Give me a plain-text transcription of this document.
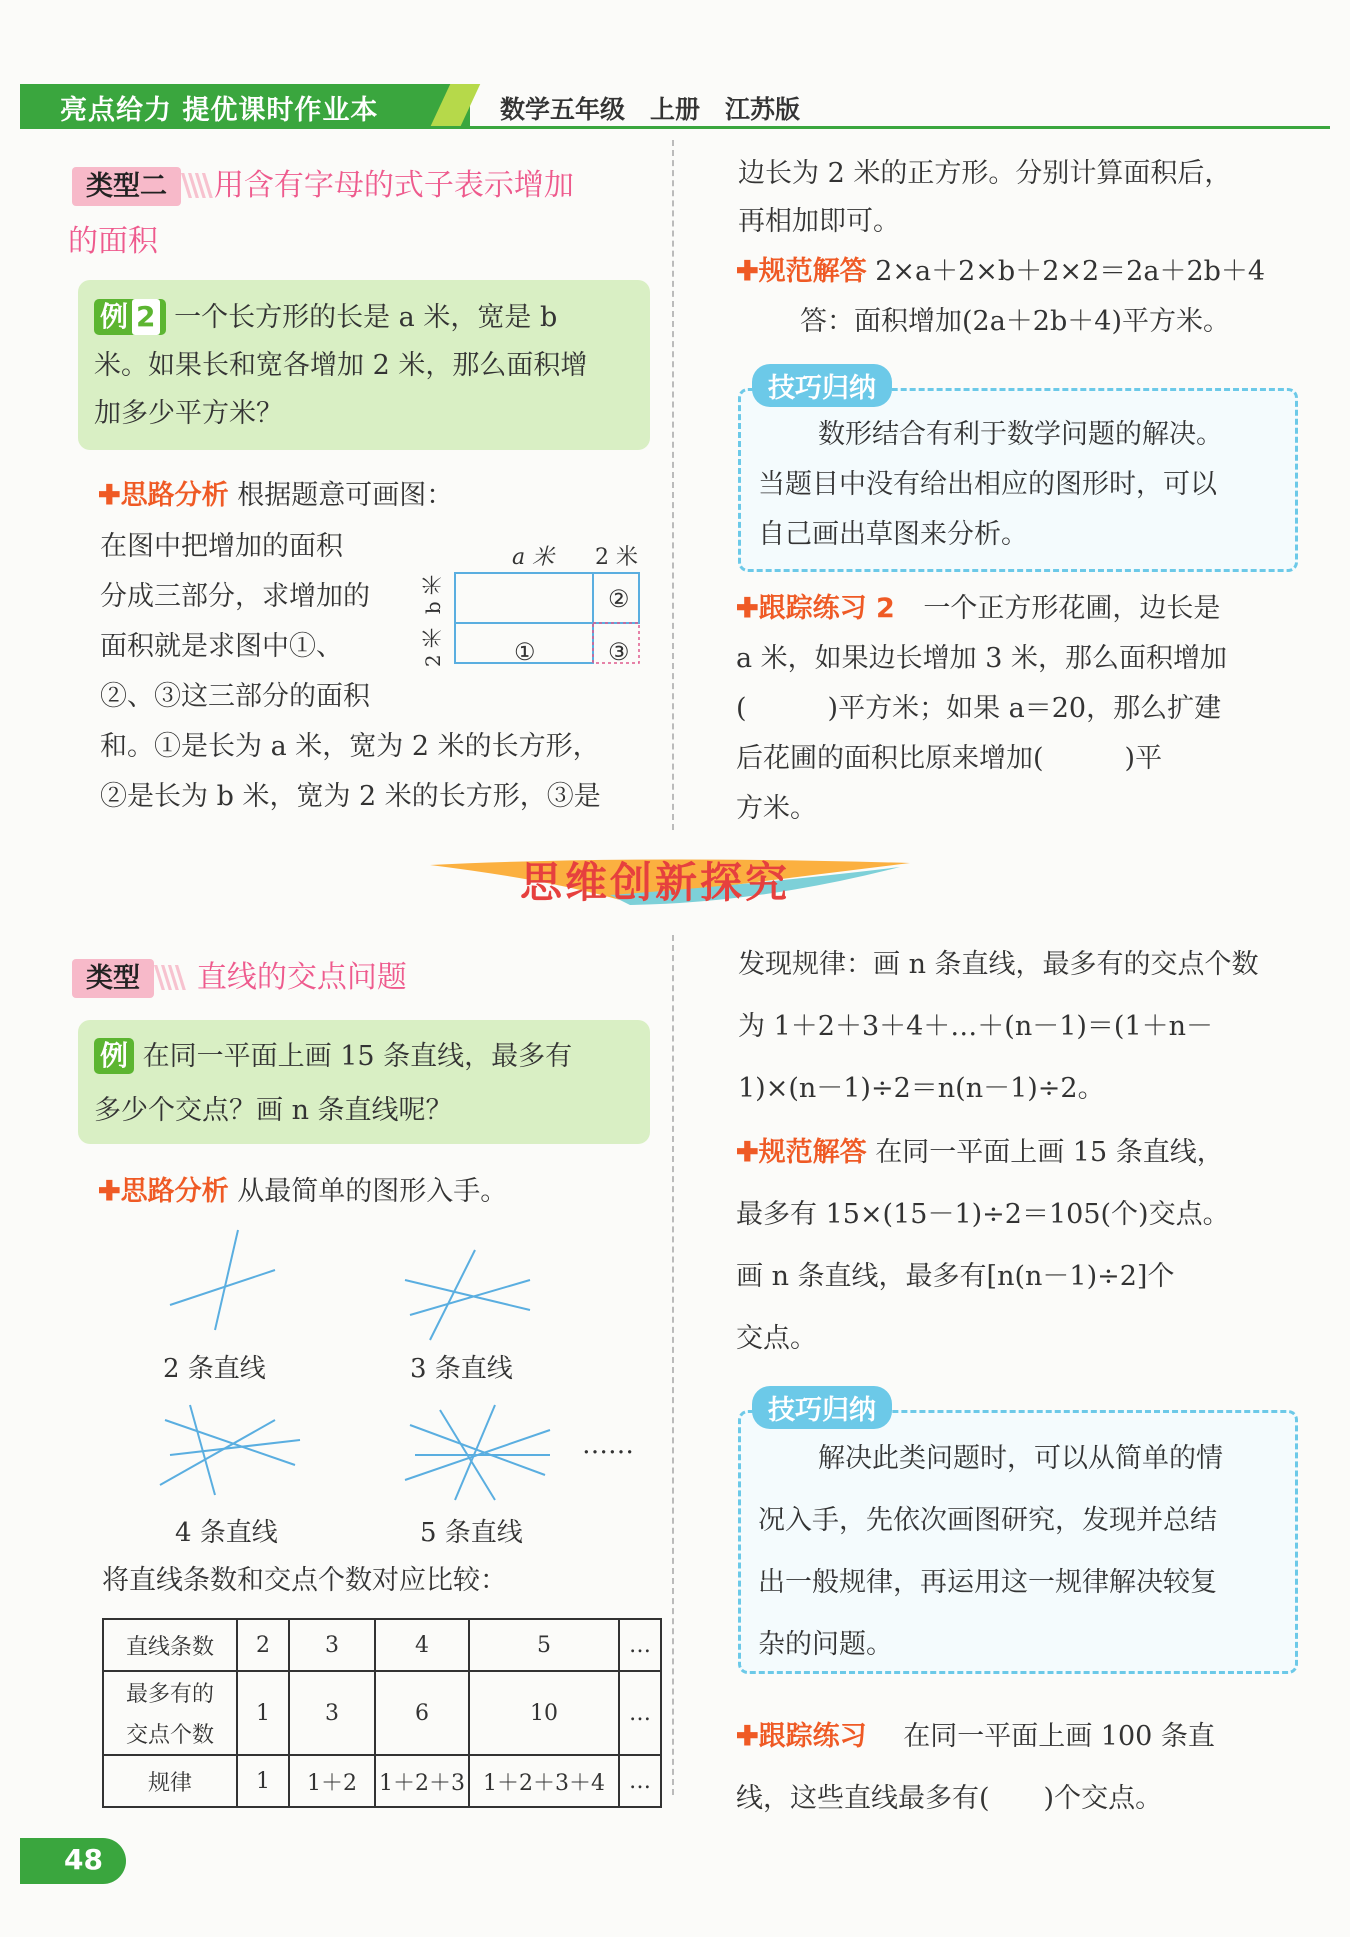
亮点给力 提优课时作业本	数学五年级　上册　江苏版
类型二 \\\\ 用含有字母的式子表示增加
的面积
例 2 一个长方形的长是 a 米，宽是 b
米。如果长和宽各增加 2 米，那么面积增
加多少平方米？
✚思路分析 根据题意可画图：
在图中把增加的面积
分成三部分，求增加的
面积就是求图中①、
②、③这三部分的面积
和。①是长为 a 米，宽为 2 米的长方形，
②是长为 b 米，宽为 2 米的长方形，③是
a 米 2 米
b 米
2 米
②
①	③
边长为 2 米的正方形。分别计算面积后，
再相加即可。
✚规范解答 2×a＋2×b＋2×2＝2a＋2b＋4
答：面积增加(2a＋2b＋4)平方米。
技巧归纳
数形结合有利于数学问题的解决。
当题目中没有给出相应的图形时，可以
自己画出草图来分析。
✚跟踪练习 2 一个正方形花圃，边长是
a 米，如果边长增加 3 米，那么面积增加
(　　　)平方米；如果 a＝20，那么扩建
后花圃的面积比原来增加(　　　)平
方米。
思维创新探究
类型 \\\\ 直线的交点问题
例 在同一平面上画 15 条直线，最多有
多少个交点？画 n 条直线呢？
✚思路分析 从最简单的图形入手。
2 条直线	3 条直线
4 条直线	5 条直线
……
将直线条数和交点个数对应比较：
直线条数	2	3	4	5	…

最多有的
交点个数	1	3	6	10	…
规律	1	1＋2	1＋2＋3	1＋2＋3＋4	…
发现规律：画 n 条直线，最多有的交点个数
为 1＋2＋3＋4＋…＋(n－1)＝(1＋n－
1)×(n－1)÷2＝n(n－1)÷2。
✚规范解答 在同一平面上画 15 条直线，
最多有 15×(15－1)÷2＝105(个)交点。
画 n 条直线，最多有[n(n－1)÷2]个
交点。
技巧归纳
解决此类问题时，可以从简单的情
况入手，先依次画图研究，发现并总结
出一般规律，再运用这一规律解决较复
杂的问题。
✚跟踪练习 在同一平面上画 100 条直
线，这些直线最多有(　　)个交点。
48
